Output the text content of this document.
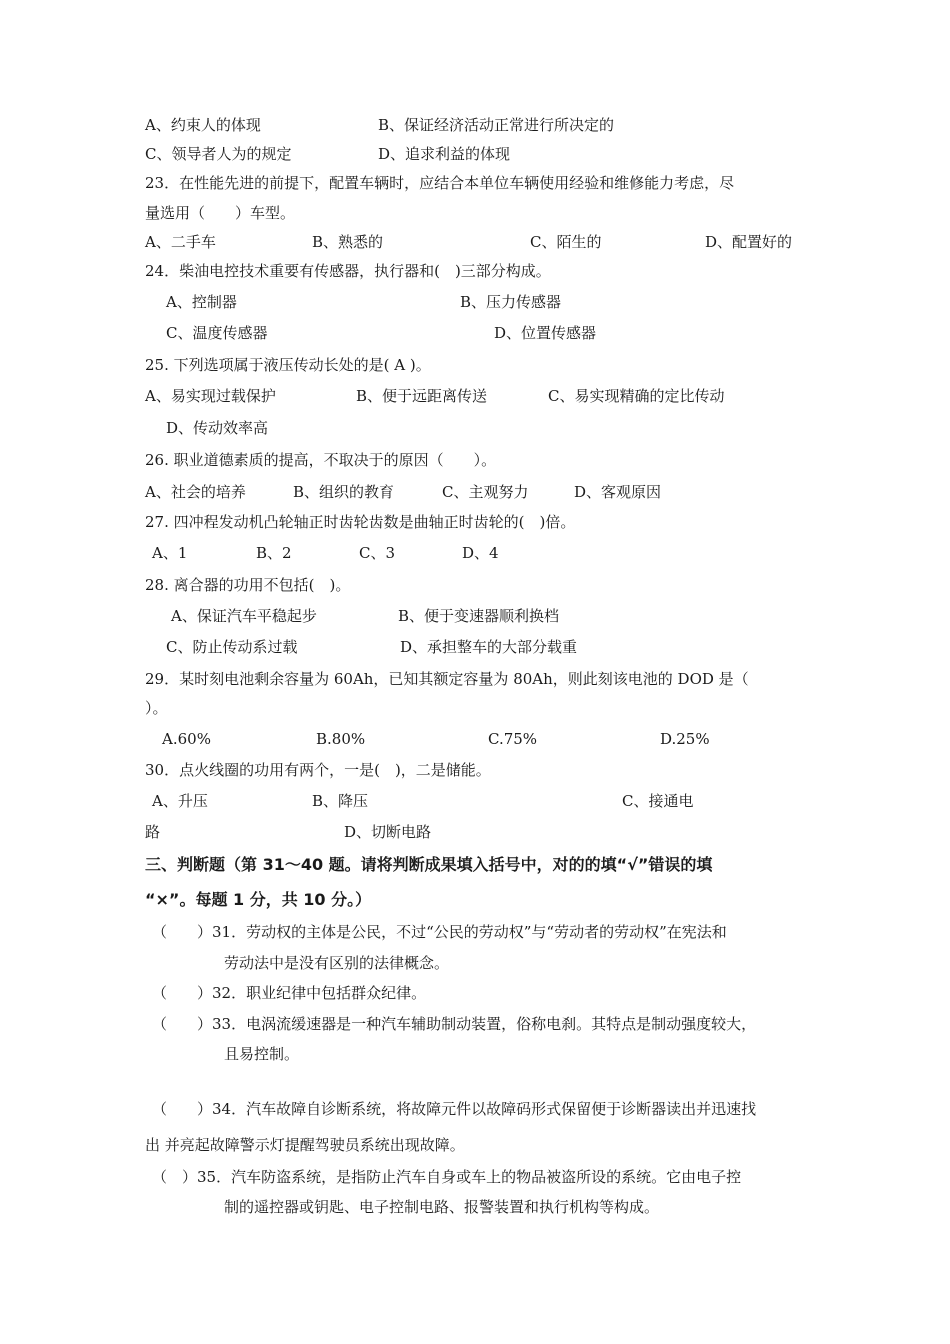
A、约束人的体现	B、保证经济活动正常进行所决定的
C、领导者人为的规定	D、追求利益的体现
23．在性能先进的前提下，配置车辆时，应结合本单位车辆使用经验和维修能力考虑，尽
量选用（　　）车型。
A、二手车	B、熟悉的	C、陌生的	D、配置好的
24．柴油电控技术重要有传感器，执行器和(　)三部分构成。
A、控制器	B、压力传感器
C、温度传感器	D、位置传感器
25. 下列选项属于液压传动长处的是( A )。
A、易实现过载保护	B、便于远距离传送	C、易实现精确的定比传动
D、传动效率高
26. 职业道德素质的提高，不取决于的原因（　　）。
A、社会的培养	B、组织的教育	C、主观努力	D、客观原因
27. 四冲程发动机凸轮轴正时齿轮齿数是曲轴正时齿轮的(　)倍。
A、1	B、2	C、3	D、4
28. 离合器的功用不包括(　)。
A、保证汽车平稳起步	B、便于变速器顺利换档
C、防止传动系过载	D、承担整车的大部分载重
29．某时刻电池剩余容量为 60Ah，已知其额定容量为 80Ah，则此刻该电池的 DOD 是（
）。
A.60%	B.80%	C.75%	D.25%
30．点火线圈的功用有两个，一是(　)，二是储能。
A、升压	B、降压	C、接通电
路	D、切断电路
三、判断题（第 31～40 题。请将判断成果填入括号中，对的的填“√”错误的填
“×”。每题 1 分，共 10 分。）
（　　）31．劳动权的主体是公民，不过“公民的劳动权”与“劳动者的劳动权”在宪法和
劳动法中是没有区别的法律概念。
（　　）32．职业纪律中包括群众纪律。
（　　）33．电涡流缓速器是一种汽车辅助制动装置，俗称电刹。其特点是制动强度较大，
且易控制。
（　　）34．汽车故障自诊断系统，将故障元件以故障码形式保留便于诊断器读出并迅速找
出 并亮起故障警示灯提醒驾驶员系统出现故障。
（　）35．汽车防盗系统，是指防止汽车自身或车上的物品被盗所设的系统。它由电子控
制的遥控器或钥匙、电子控制电路、报警装置和执行机构等构成。
